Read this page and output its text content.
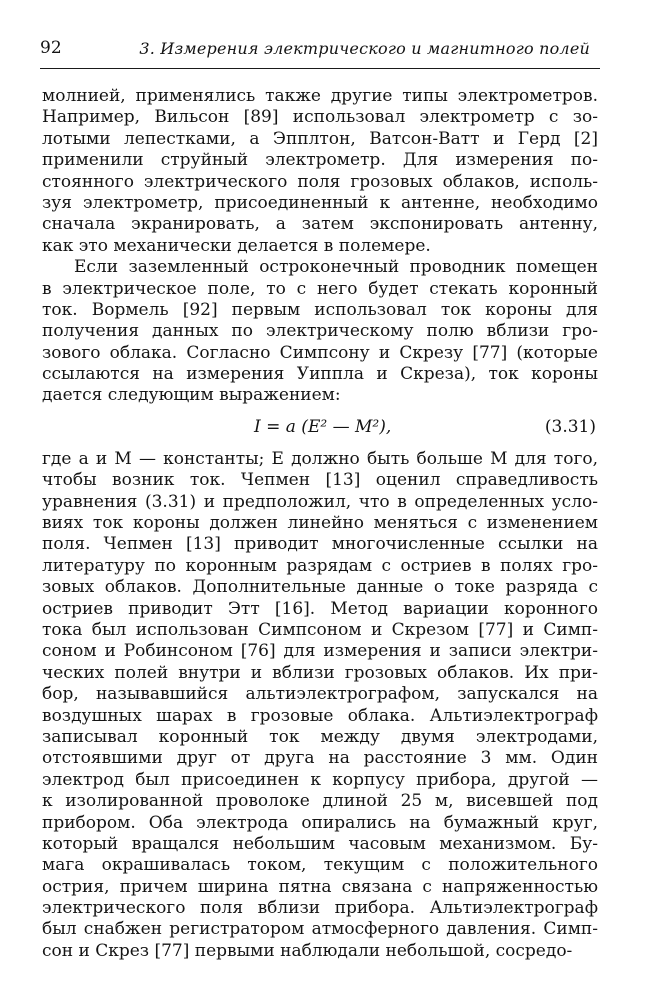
92	3. Измерения электрического и магнитного полей
молнией, применялись также другие типы электрометров.
Например, Вильсон [89] использовал электрометр с зо-
лотыми лепестками, а Эпплтон, Ватсон-Ватт и Герд [2]
применили струйный электрометр. Для измерения по-
стоянного электрического поля грозовых облаков, исполь-
зуя электрометр, присоединенный к антенне, необходимо
сначала экранировать, а затем экспонировать антенну,
как это механически делается в полемере.
Если заземленный остроконечный проводник помещен
в электрическое поле, то с него будет стекать коронный
ток. Вормель [92] первым использовал ток короны для
получения данных по электрическому полю вблизи гро-
зового облака. Согласно Симпсону и Скрезу [77] (которые
ссылаются на измерения Уиппла и Скреза), ток короны
дается следующим выражением:
I = a (E² — M²),	(3.31)
где a и M — константы; E должно быть больше M для того,
чтобы возник ток. Чепмен [13] оценил справедливость
уравнения (3.31) и предположил, что в определенных усло-
виях ток короны должен линейно меняться с изменением
поля. Чепмен [13] приводит многочисленные ссылки на
литературу по коронным разрядам с остриев в полях гро-
зовых облаков. Дополнительные данные о токе разряда с
остриев приводит Этт [16]. Метод вариации коронного
тока был использован Симпсоном и Скрезом [77] и Симп-
соном и Робинсоном [76] для измерения и записи электри-
ческих полей внутри и вблизи грозовых облаков. Их при-
бор, называвшийся альтиэлектрографом, запускался на
воздушных шарах в грозовые облака. Альтиэлектрограф
записывал коронный ток между двумя электродами,
отстоявшими друг от друга на расстояние 3 мм. Один
электрод был присоединен к корпусу прибора, другой —
к изолированной проволоке длиной 25 м, висевшей под
прибором. Оба электрода опирались на бумажный круг,
который вращался небольшим часовым механизмом. Бу-
мага окрашивалась током, текущим с положительного
острия, причем ширина пятна связана с напряженностью
электрического поля вблизи прибора. Альтиэлектрограф
был снабжен регистратором атмосферного давления. Симп-
сон и Скрез [77] первыми наблюдали небольшой, сосредо-
